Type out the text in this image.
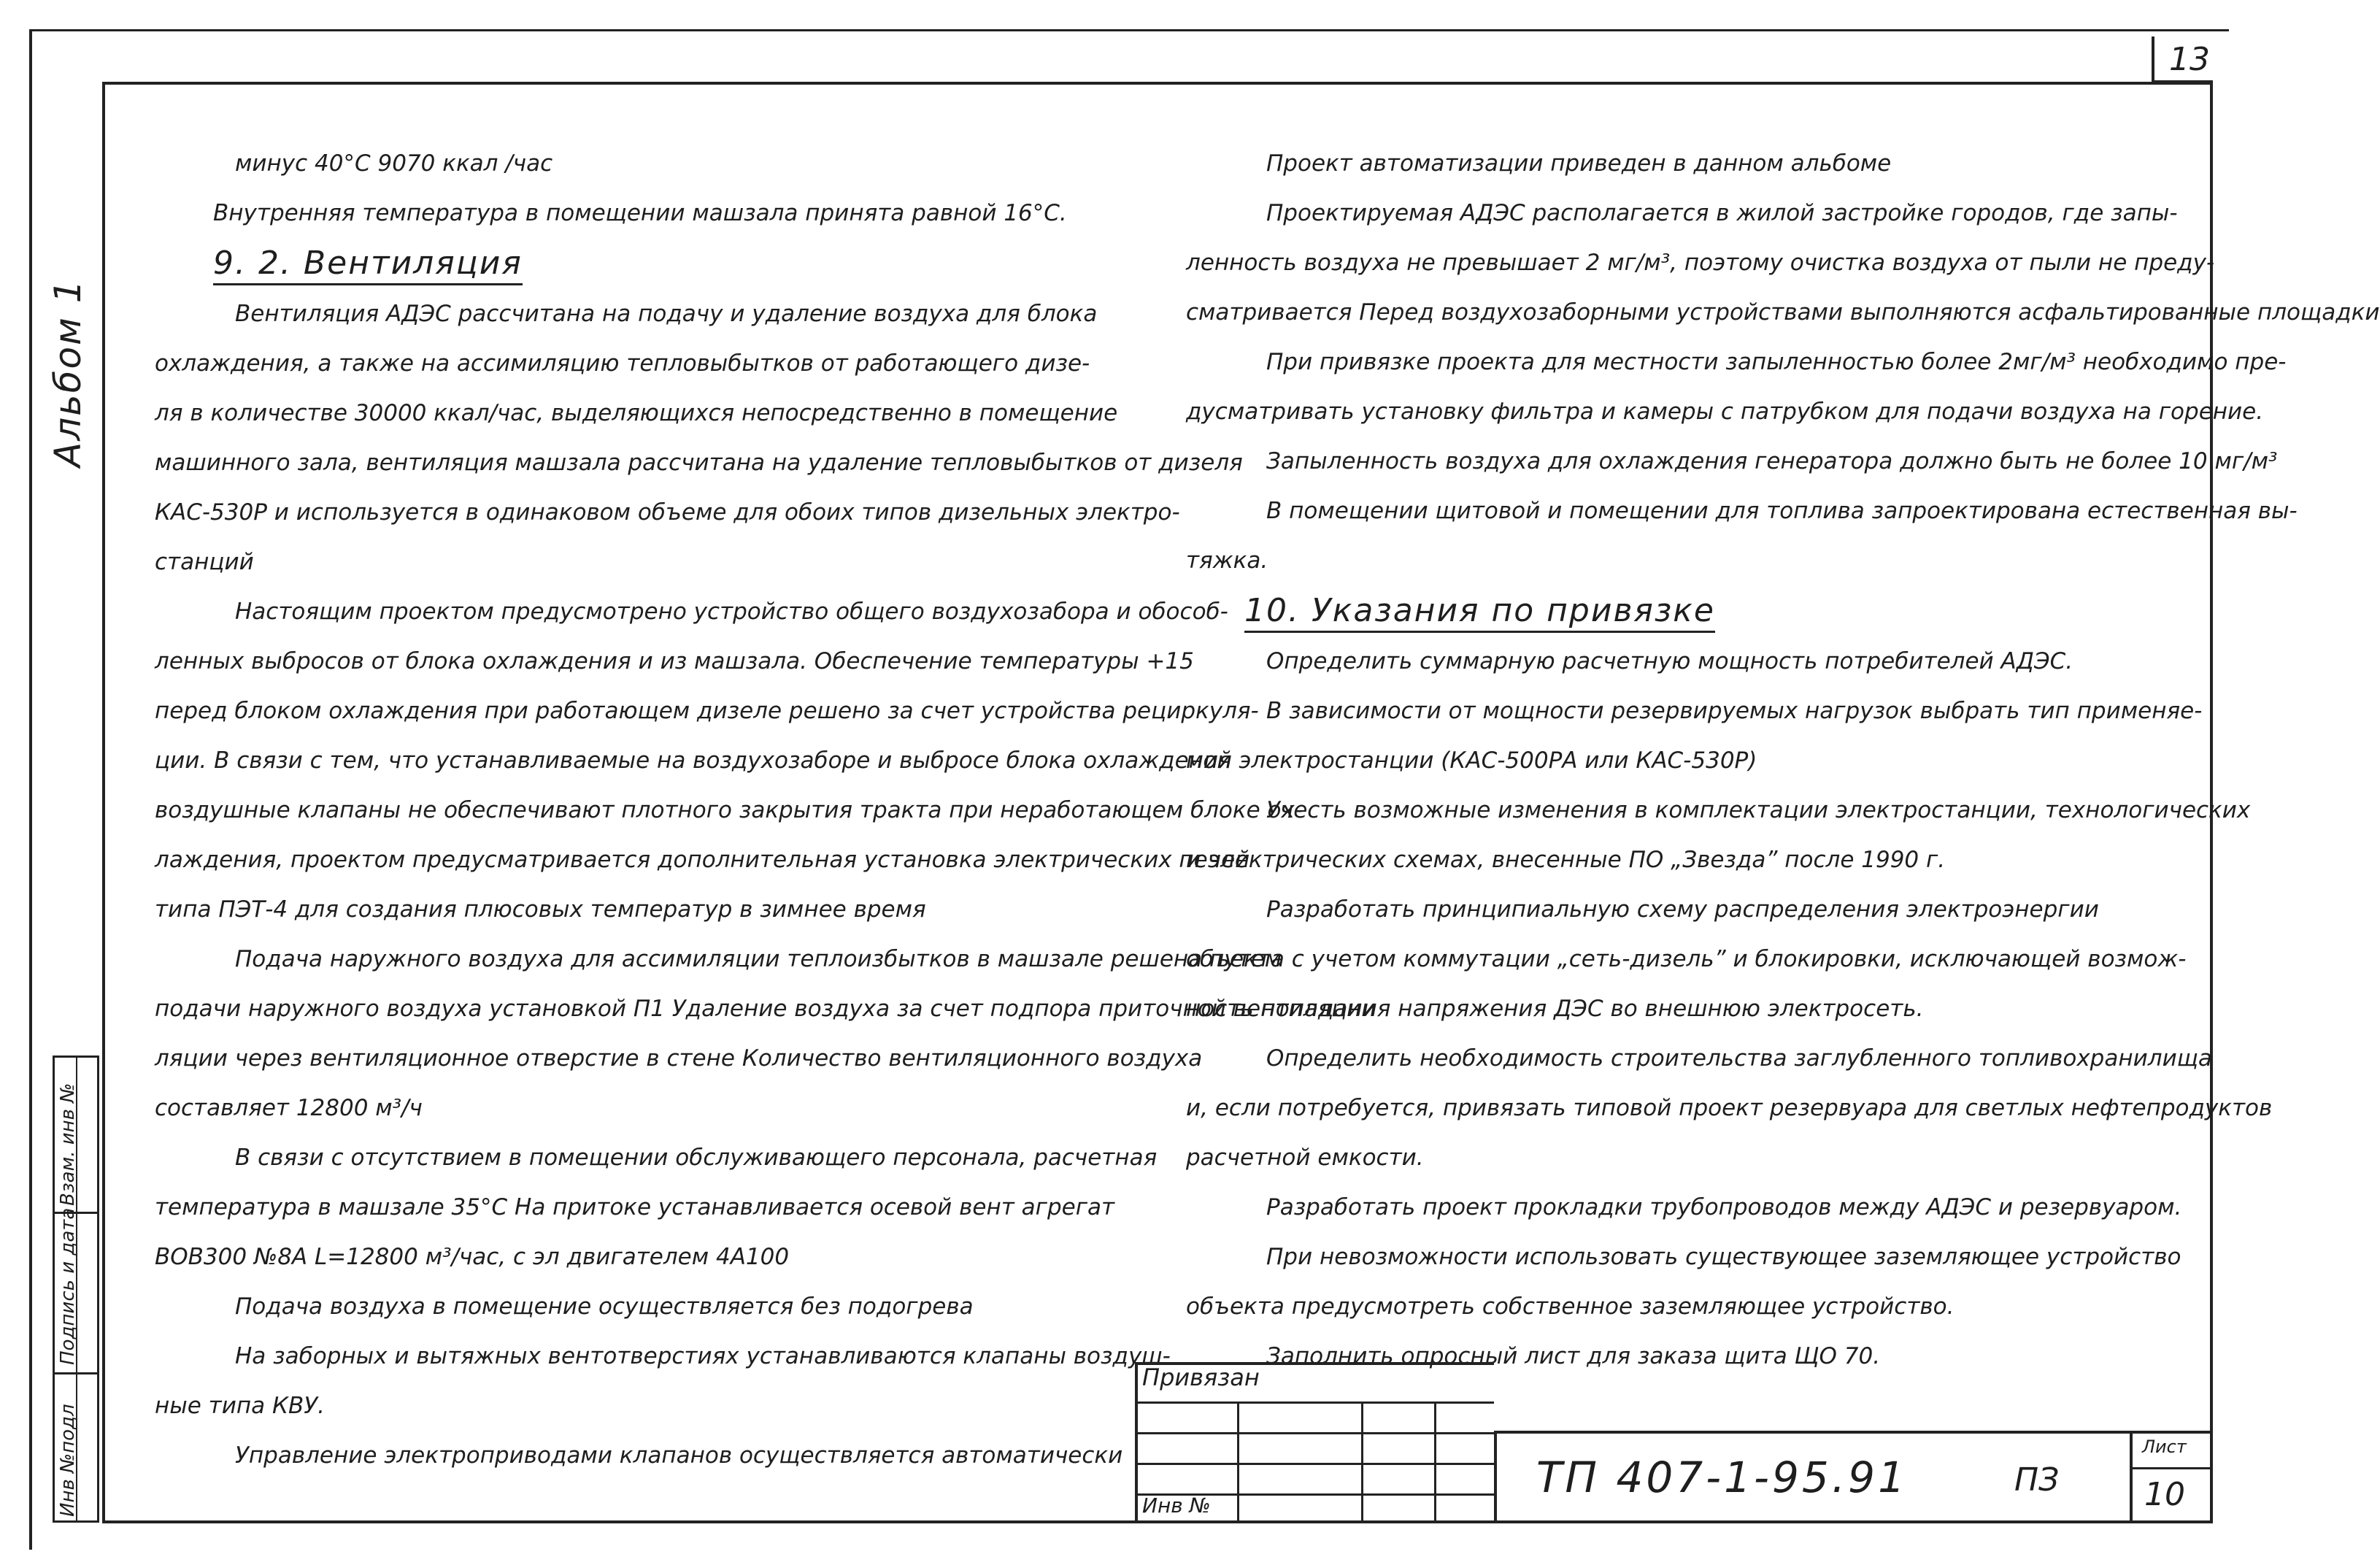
13
Альбом 1
Инв №подл
Подпись и дата
Взам. инв №
минус 40°С 9070 ккал /час
Внутренняя температура в помещении машзала принята равной 16°С.
9. 2. Вентиляция
Вентиляция АДЭС рассчитана на подачу и удаление воздуха для блока
охлаждения, а также на ассимиляцию тепловыбытков от работающего дизе-
ля в количестве 30000 ккал/час, выделяющихся непосредственно в помещение
машинного зала, вентиляция машзала рассчитана на удаление тепловыбытков от дизеля
КАС-530Р и используется в одинаковом объеме для обоих типов дизельных электро-
станций
Настоящим проектом предусмотрено устройство общего воздухозабора и обособ-
ленных выбросов от блока охлаждения и из машзала. Обеспечение температуры +15
перед блоком охлаждения при работающем дизеле решено за счет устройства рециркуля-
ции. В связи с тем, что устанавливаемые на воздухозаборе и выбросе блока охлаждения
воздушные клапаны не обеспечивают плотного закрытия тракта при неработающем блоке ох-
лаждения, проектом предусматривается дополнительная установка электрических печей
типа ПЭТ-4 для создания плюсовых температур в зимнее время
Подача наружного воздуха для ассимиляции теплоизбытков в машзале решена путем
подачи наружного воздуха установкой П1 Удаление воздуха за счет подпора приточной вентиляции
ляции через вентиляционное отверстие в стене Количество вентиляционного воздуха
составляет 12800 м³/ч
В связи с отсутствием в помещении обслуживающего персонала, расчетная
температура в машзале 35°С На притоке устанавливается осевой вент агрегат
ВОВ300 №8А L=12800 м³/час, с эл двигателем 4А100
Подача воздуха в помещение осуществляется без подогрева
На заборных и вытяжных вентотверстиях устанавливаются клапаны воздуш-
ные типа КВУ.
Управление электроприводами клапанов осуществляется автоматически
Проект автоматизации приведен в данном альбоме
Проектируемая АДЭС располагается в жилой застройке городов, где запы-
ленность воздуха не превышает 2 мг/м³, поэтому очистка воздуха от пыли не преду-
сматривается Перед воздухозаборными устройствами выполняются асфальтированные площадки
При привязке проекта для местности запыленностью более 2мг/м³ необходимо пре-
дусматривать установку фильтра и камеры с патрубком для подачи воздуха на горение.
Запыленность воздуха для охлаждения генератора должно быть не более 10 мг/м³
В помещении щитовой и помещении для топлива запроектирована естественная вы-
тяжка.
10. Указания по привязке
Определить суммарную расчетную мощность потребителей АДЭС.
В зависимости от мощности резервируемых нагрузок выбрать тип применяе-
мой электростанции (КАС-500РА или КАС-530Р)
Учесть возможные изменения в комплектации электростанции, технологических
и электрических схемах, внесенные ПО „Звезда” после 1990 г.
Разработать принципиальную схему распределения электроэнергии
объекта с учетом коммутации „сеть-дизель” и блокировки, исключающей возмож-
ность попадания напряжения ДЭС во внешнюю электросеть.
Определить необходимость строительства заглубленного топливохранилища
и, если потребуется, привязать типовой проект резервуара для светлых нефтепродуктов
расчетной емкости.
Разработать проект прокладки трубопроводов между АДЭС и резервуаром.
При невозможности использовать существующее заземляющее устройство
объекта предусмотреть собственное заземляющее устройство.
Заполнить опросный лист для заказа щита ЩО 70.
Привязан
Инв №
ТП 407-1-95.91	ПЗ
Лист
10
